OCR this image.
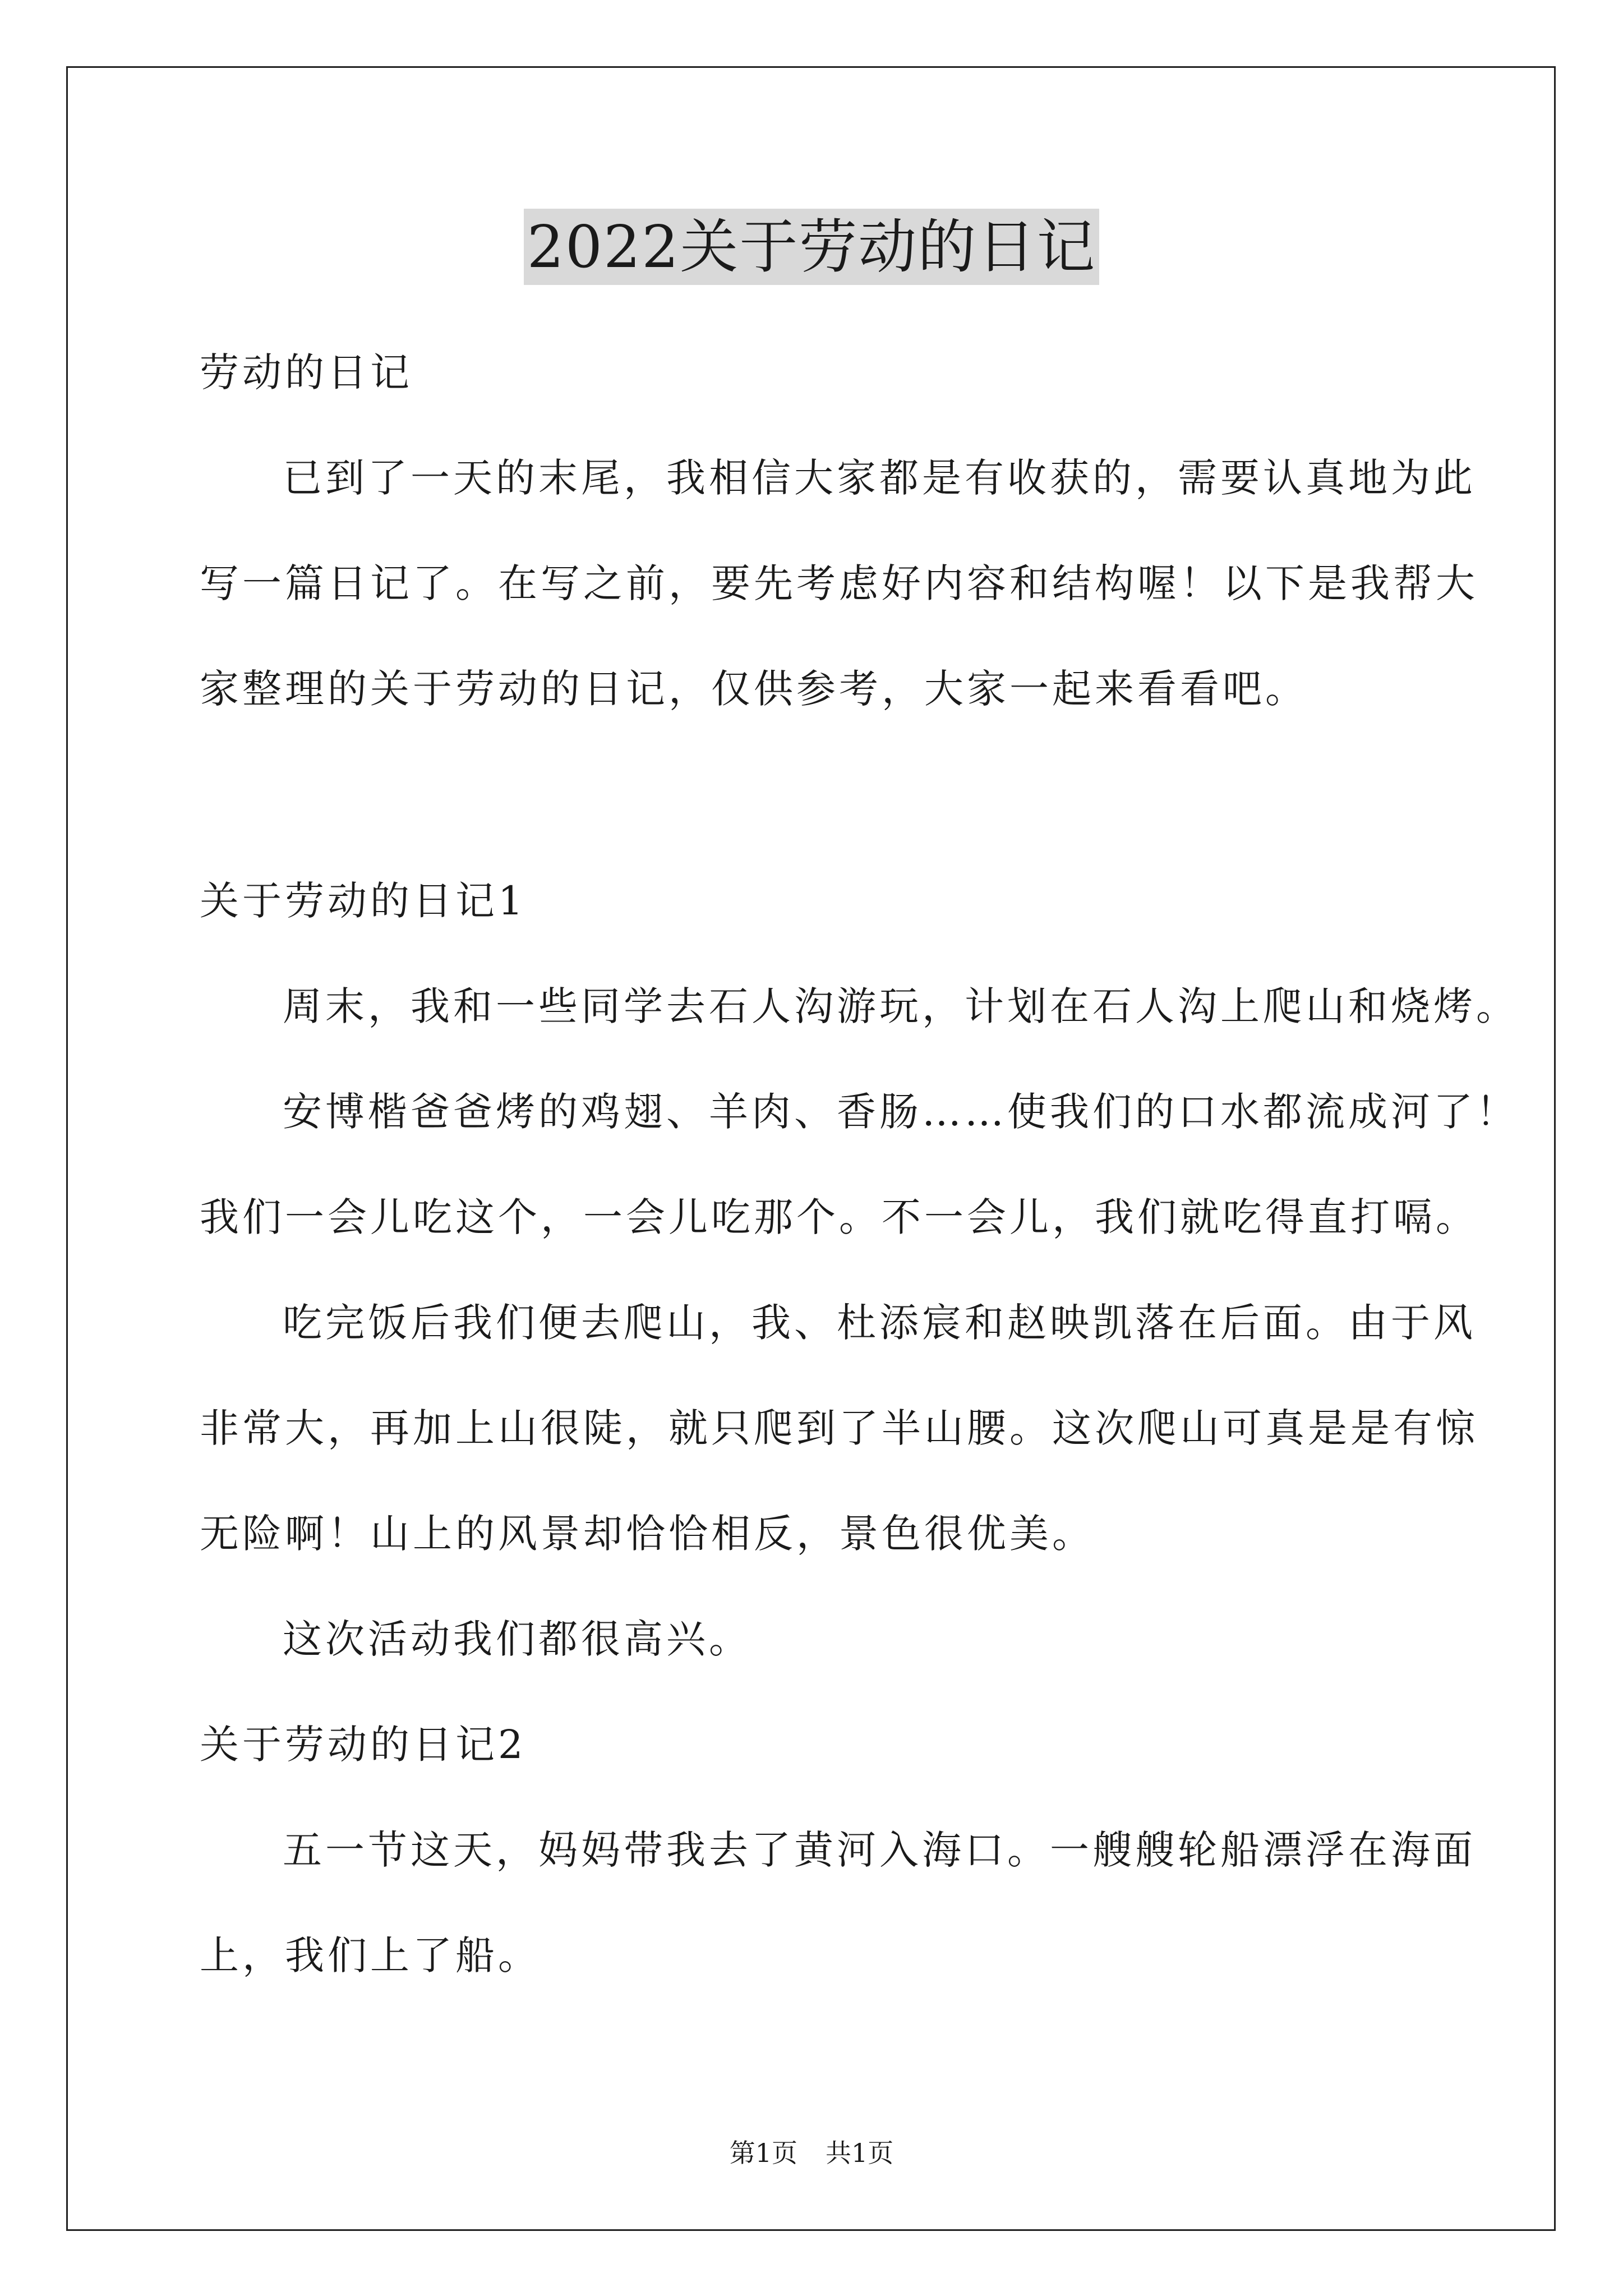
2022关于劳动的日记
劳动的日记
已到了一天的末尾，我相信大家都是有收获的，需要认真地为此
写一篇日记了。在写之前，要先考虑好内容和结构喔！以下是我帮大
家整理的关于劳动的日记，仅供参考，大家一起来看看吧。
关于劳动的日记1
周末，我和一些同学去石人沟游玩，计划在石人沟上爬山和烧烤。
安博楷爸爸烤的鸡翅、羊肉、香肠……使我们的口水都流成河了！
我们一会儿吃这个，一会儿吃那个。不一会儿，我们就吃得直打嗝。
吃完饭后我们便去爬山，我、杜添宸和赵映凯落在后面。由于风
非常大，再加上山很陡，就只爬到了半山腰。这次爬山可真是是有惊
无险啊！山上的风景却恰恰相反，景色很优美。
这次活动我们都很高兴。
关于劳动的日记2
五一节这天，妈妈带我去了黄河入海口。一艘艘轮船漂浮在海面
上，我们上了船。
第1页 共1页
